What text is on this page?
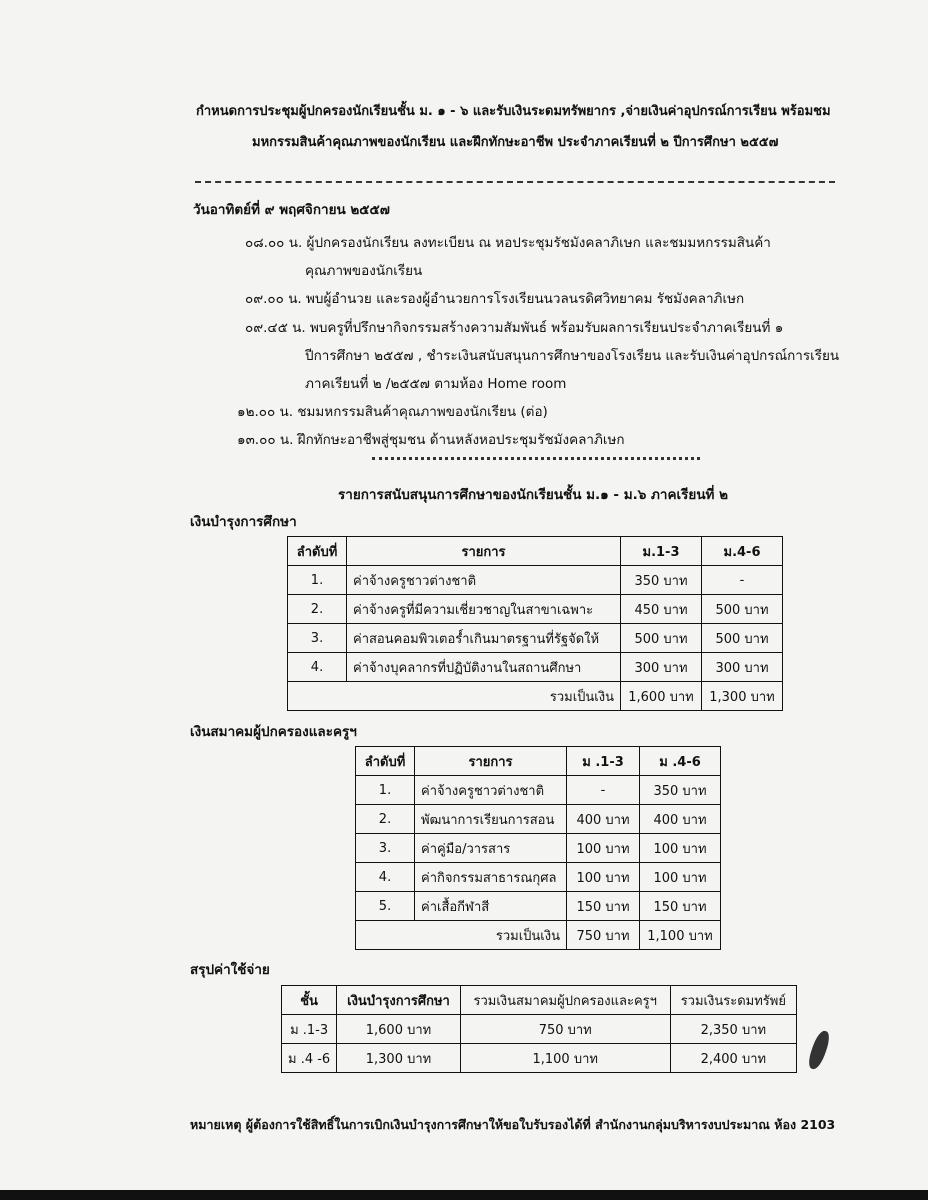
กำหนดการประชุมผู้ปกครองนักเรียนชั้น ม. ๑ - ๖ และรับเงินระดมทรัพยากร ,จ่ายเงินค่าอุปกรณ์การเรียน พร้อมชม
มหกรรมสินค้าคุณภาพของนักเรียน และฝึกทักษะอาชีพ ประจำภาคเรียนที่ ๒ ปีการศึกษา ๒๕๕๗
วันอาทิตย์ที่ ๙ พฤศจิกายน ๒๕๕๗
๐๘.๐๐ น. ผู้ปกครองนักเรียน ลงทะเบียน ณ หอประชุมรัชมังคลาภิเษก และชมมหกรรมสินค้า
คุณภาพของนักเรียน
๐๙.๐๐ น. พบผู้อำนวย และรองผู้อำนวยการโรงเรียนนวลนรดิศวิทยาคม รัชมังคลาภิเษก
๐๙.๔๕ น. พบครูที่ปรึกษากิจกรรมสร้างความสัมพันธ์ พร้อมรับผลการเรียนประจำภาคเรียนที่ ๑
ปีการศึกษา ๒๕๕๗ , ชำระเงินสนับสนุนการศึกษาของโรงเรียน และรับเงินค่าอุปกรณ์การเรียน
ภาคเรียนที่ ๒ /๒๕๕๗ ตามห้อง Home room
๑๒.๐๐ น. ชมมหกรรมสินค้าคุณภาพของนักเรียน (ต่อ)
๑๓.๐๐ น. ฝึกทักษะอาชีพสู่ชุมชน ด้านหลังหอประชุมรัชมังคลาภิเษก
รายการสนับสนุนการศึกษาของนักเรียนชั้น ม.๑ - ม.๖ ภาคเรียนที่ ๒
เงินบำรุงการศึกษา
ลำดับที่	รายการ	ม.1-3	ม.4-6
1.	ค่าจ้างครูชาวต่างชาติ	350 บาท	-
2.	ค่าจ้างครูที่มีความเชี่ยวชาญในสาขาเฉพาะ	450 บาท	500 บาท
3.	ค่าสอนคอมพิวเตอร์ำเกินมาตรฐานที่รัฐจัดให้	500 บาท	500 บาท
4.	ค่าจ้างบุคลากรที่ปฏิบัติงานในสถานศึกษา	300 บาท	300 บาท
รวมเป็นเงิน		1,600 บาท	1,300 บาท
เงินสมาคมผู้ปกครองและครูฯ
ลำดับที่	รายการ	ม .1-3	ม .4-6
1.	ค่าจ้างครูชาวต่างชาติ	-	350 บาท
2.	พัฒนาการเรียนการสอน	400 บาท	400 บาท
3.	ค่าคู่มือ/วารสาร	100 บาท	100 บาท
4.	ค่ากิจกรรมสาธารณกุศล	100 บาท	100 บาท
5.	ค่าเสื้อกีฬาสี	150 บาท	150 บาท
รวมเป็นเงิน		750 บาท	1,100 บาท
สรุปค่าใช้จ่าย
ชั้น	เงินบำรุงการศึกษา	รวมเงินสมาคมผู้ปกครองและครูฯ	รวมเงินระดมทรัพย์
ม .1-3	1,600 บาท	750 บาท	2,350 บาท
ม .4 -6	1,300 บาท	1,100 บาท	2,400 บาท
หมายเหตุ ผู้ต้องการใช้สิทธิ์ในการเบิกเงินบำรุงการศึกษาให้ขอใบรับรองได้ที่ สำนักงานกลุ่มบริหารงบประมาณ ห้อง 2103
